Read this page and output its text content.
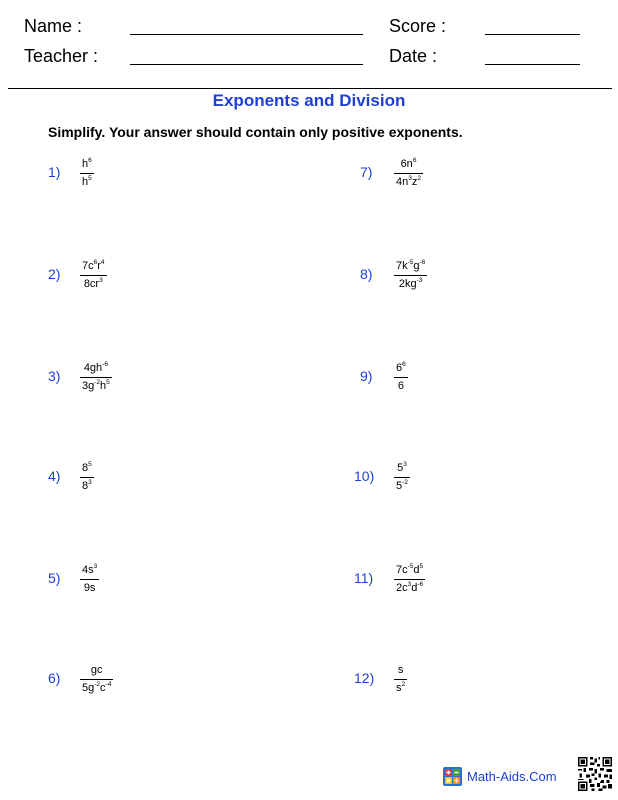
Name :	Score :
Teacher :	Date :
Exponents and Division
Simplify. Your answer should contain only positive exponents.
1) $h^6$
$h^5$
2) $7c^6r^4$
$8cr^3$
3) $4gh^{-6}$
$3g^{-2}h^5$
4) $8^5$
$8^3$
5) $4s^3$
9s
6)	gc
$5g^{-2}c^{-4}$
7)	$6n^6$
$4n^3z^2$
8) $7k^{-5}g^{-6}$
$2kg^{-3}$
9) $6^6$
6
10) $5^3$
$5^{-2}$
11) $7c^{-5}d^5$
$2c^3d^{-6}$
12) s
$s^2$
Math-Aids.Com
